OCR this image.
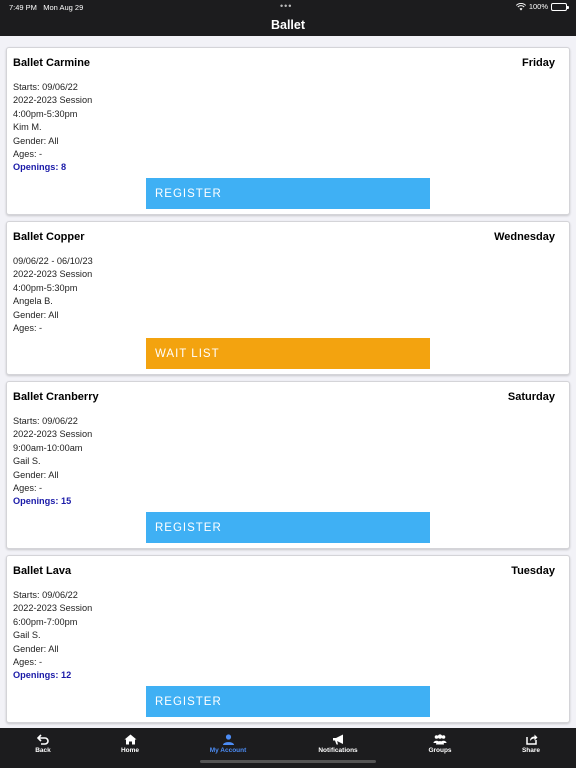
7:49 PM Mon Aug 29	•••	100%
Ballet
Ballet Carmine	Friday
Starts: 09/06/22
2022-2023 Session
4:00pm-5:30pm
Kim M.
Gender: All
Ages: -
Openings: 8
REGISTER
Ballet Copper	Wednesday
09/06/22 - 06/10/23
2022-2023 Session
4:00pm-5:30pm
Angela B.
Gender: All
Ages: -
WAIT LIST
Ballet Cranberry	Saturday
Starts: 09/06/22
2022-2023 Session
9:00am-10:00am
Gail S.
Gender: All
Ages: -
Openings: 15
REGISTER
Ballet Lava	Tuesday
Starts: 09/06/22
2022-2023 Session
6:00pm-7:00pm
Gail S.
Gender: All
Ages: -
Openings: 12
REGISTER
Back	Home	My Account	Notifications	Groups	Share
